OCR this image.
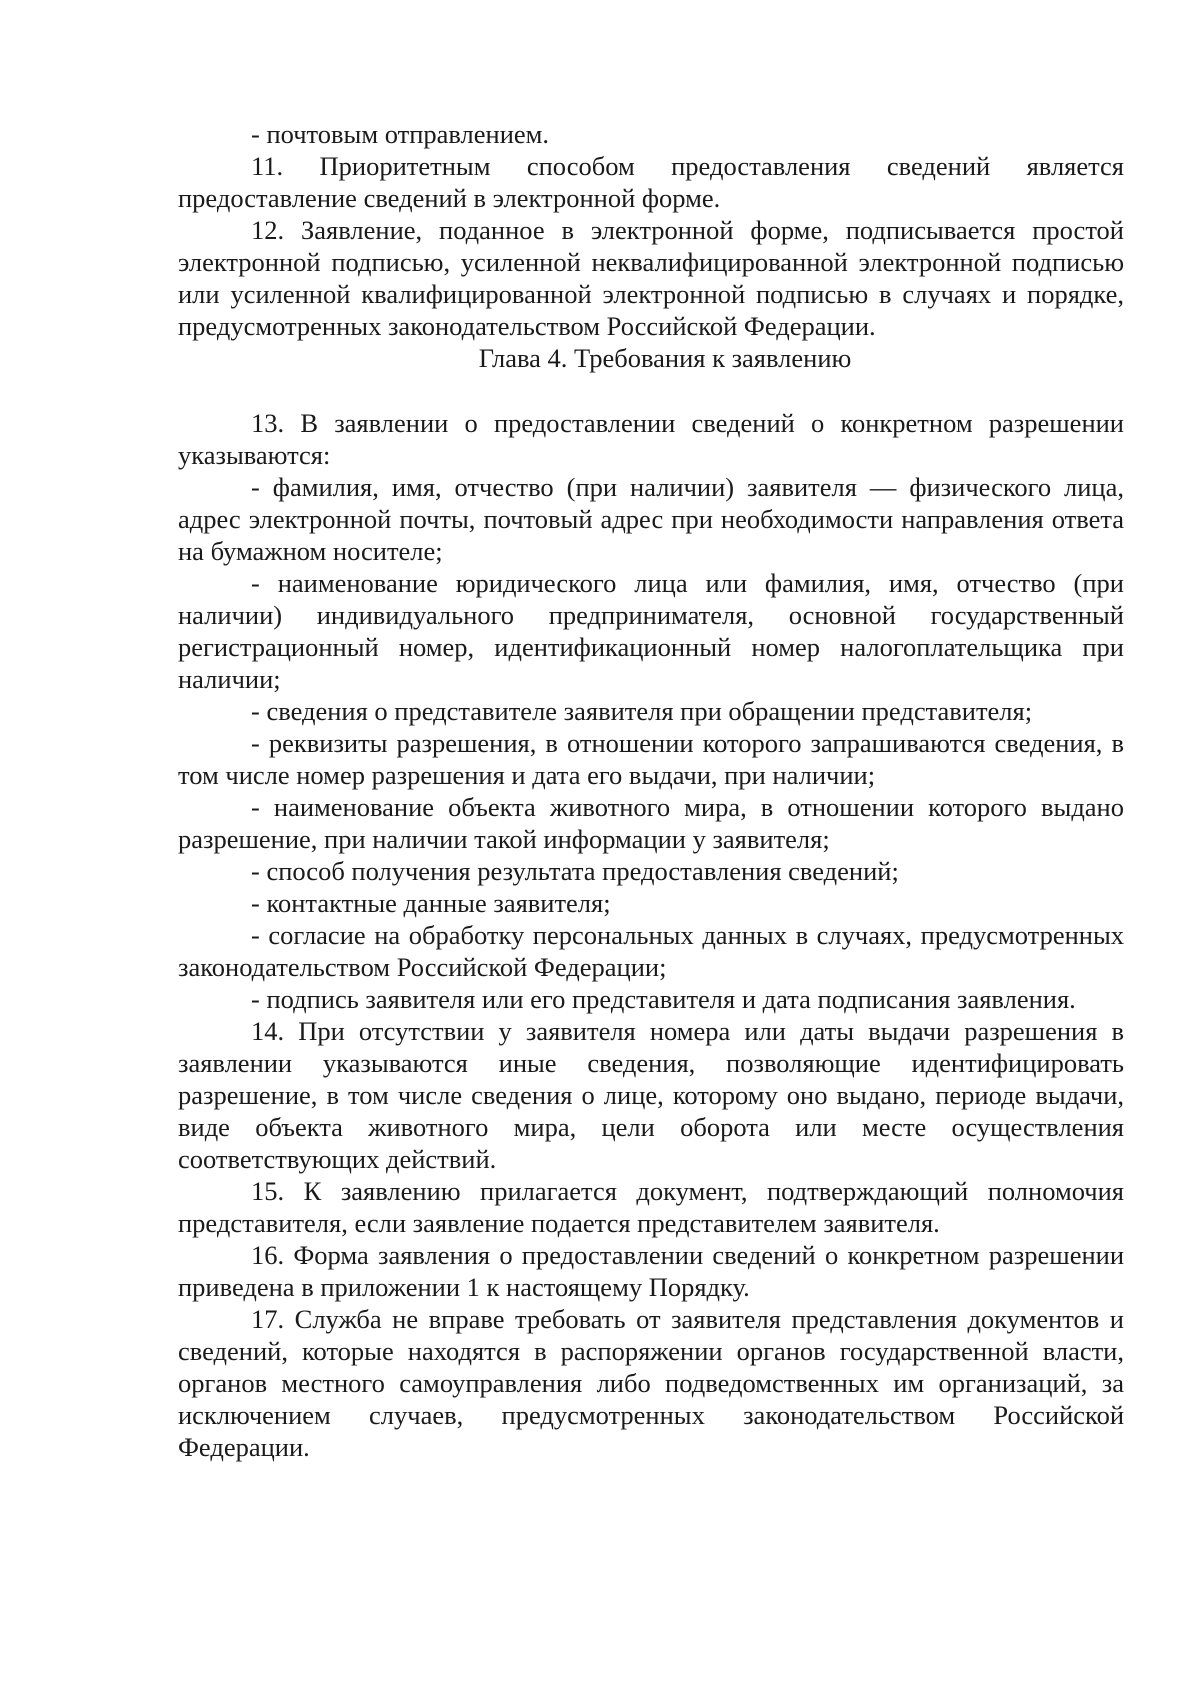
- почтовым отправлением.

11. Приоритетным способом предоставления сведений является предоставление сведений в электронной форме.

12. Заявление, поданное в электронной форме, подписывается простой электронной подписью, усиленной неквалифицированной электронной подписью или усиленной квалифицированной электронной подписью в случаях и порядке, предусмотренных законодательством Российской Федерации.

Глава 4. Требования к заявлению

13. В заявлении о предоставлении сведений о конкретном разрешении указываются:

- фамилия, имя, отчество (при наличии) заявителя — физического лица, адрес электронной почты, почтовый адрес при необходимости направления ответа на бумажном носителе;

- наименование юридического лица или фамилия, имя, отчество (при наличии) индивидуального предпринимателя, основной государственный регистрационный номер, идентификационный номер налогоплательщика при наличии;

- сведения о представителе заявителя при обращении представителя;

- реквизиты разрешения, в отношении которого запрашиваются сведения, в том числе номер разрешения и дата его выдачи, при наличии;

- наименование объекта животного мира, в отношении которого выдано разрешение, при наличии такой информации у заявителя;

- способ получения результата предоставления сведений;

- контактные данные заявителя;

- согласие на обработку персональных данных в случаях, предусмотренных законодательством Российской Федерации;

- подпись заявителя или его представителя и дата подписания заявления.

14. При отсутствии у заявителя номера или даты выдачи разрешения в заявлении указываются иные сведения, позволяющие идентифицировать разрешение, в том числе сведения о лице, которому оно выдано, периоде выдачи, виде объекта животного мира, цели оборота или месте осуществления соответствующих действий.

15. К заявлению прилагается документ, подтверждающий полномочия представителя, если заявление подается представителем заявителя.

16. Форма заявления о предоставлении сведений о конкретном разрешении приведена в приложении 1 к настоящему Порядку.

17. Служба не вправе требовать от заявителя представления документов и сведений, которые находятся в распоряжении органов государственной власти, органов местного самоуправления либо подведомственных им организаций, за исключением случаев, предусмотренных законодательством Российской Федерации.
